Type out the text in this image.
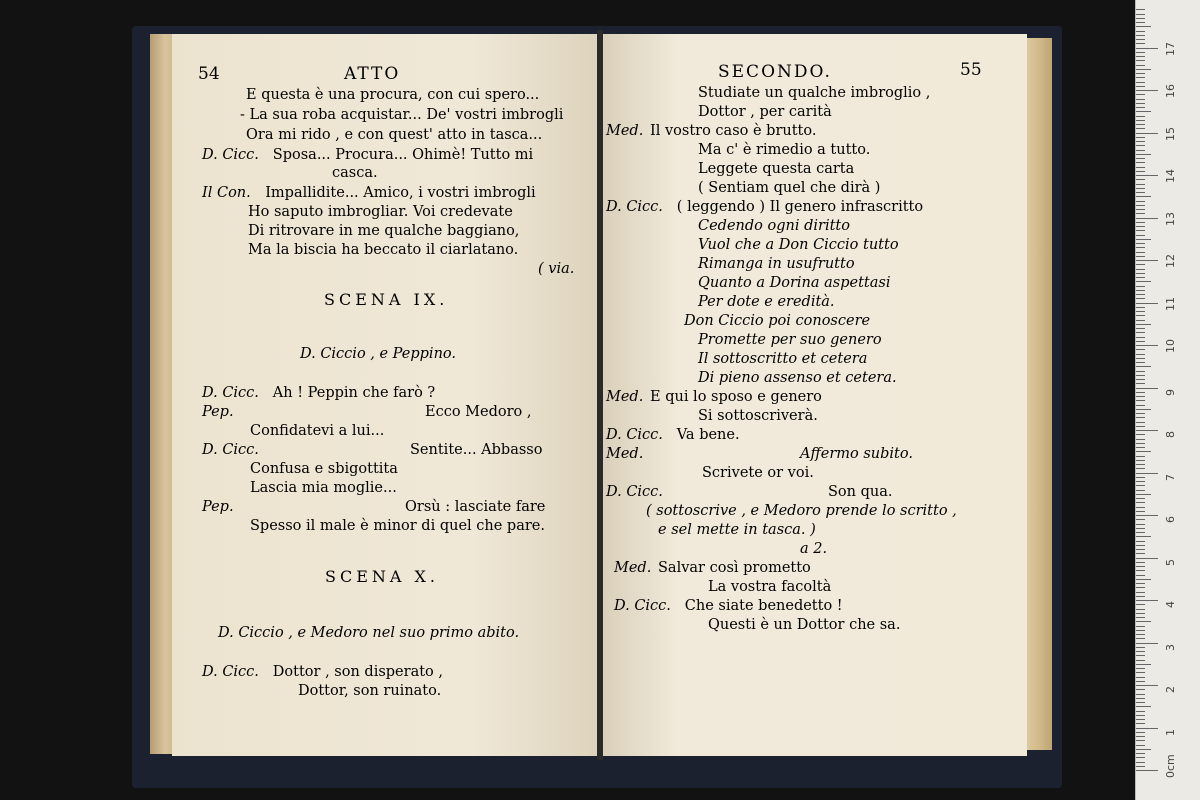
54	ATTO
E questa è una procura, con cui spero...
- La sua roba acquistar... De' vostri imbrogli
Ora mi rido , e con quest' atto in tasca...
D. Cicc. Sposa... Procura... Ohimè! Tutto mi
casca.
Il Con. Impallidite... Amico, i vostri imbrogli
Ho saputo imbrogliar. Voi credevate
Di ritrovare in me qualche baggiano,
Ma la biscia ha beccato il ciarlatano.
( via.
SCENA IX.
D. Ciccio , e Peppino.
D. Cicc. Ah ! Peppin che farò ?
Pep.	Ecco Medoro ,
Confidatevi a lui...
D. Cicc.	Sentite... Abbasso
Confusa e sbigottita
Lascia mia moglie...
Pep.	Orsù : lasciate fare
Spesso il male è minor di quel che pare.
SCENA X.
D. Ciccio , e Medoro nel suo primo abito.
D. Cicc. Dottor , son disperato ,
Dottor, son ruinato.
SECONDO.	55
Studiate un qualche imbroglio ,
Dottor , per carità
Med. Il vostro caso è brutto.
Ma c' è rimedio a tutto.
Leggete questa carta
( Sentiam quel che dirà )
D. Cicc. ( leggendo ) Il genero infrascritto
Cedendo ogni diritto
Vuol che a Don Ciccio tutto
Rimanga in usufrutto
Quanto a Dorina aspettasi
Per dote e eredità.
Don Ciccio poi conoscere
Promette per suo genero
Il sottoscritto et cetera
Di pieno assenso et cetera.
Med. E qui lo sposo e genero
Si sottoscriverà.
D. Cicc. Va bene.
Med.	Affermo subito.
Scrivete or voi.
D. Cicc.	Son qua.
( sottoscrive , e Medoro prende lo scritto ,
e sel mette in tasca. )
a 2.
Med. Salvar così prometto
La vostra facoltà
D. Cicc. Che siate benedetto !
Questi è un Dottor che sa.
0cm
1
2
3
4
5
6
7
8
9
10
11
12
13
14
15
16
17
